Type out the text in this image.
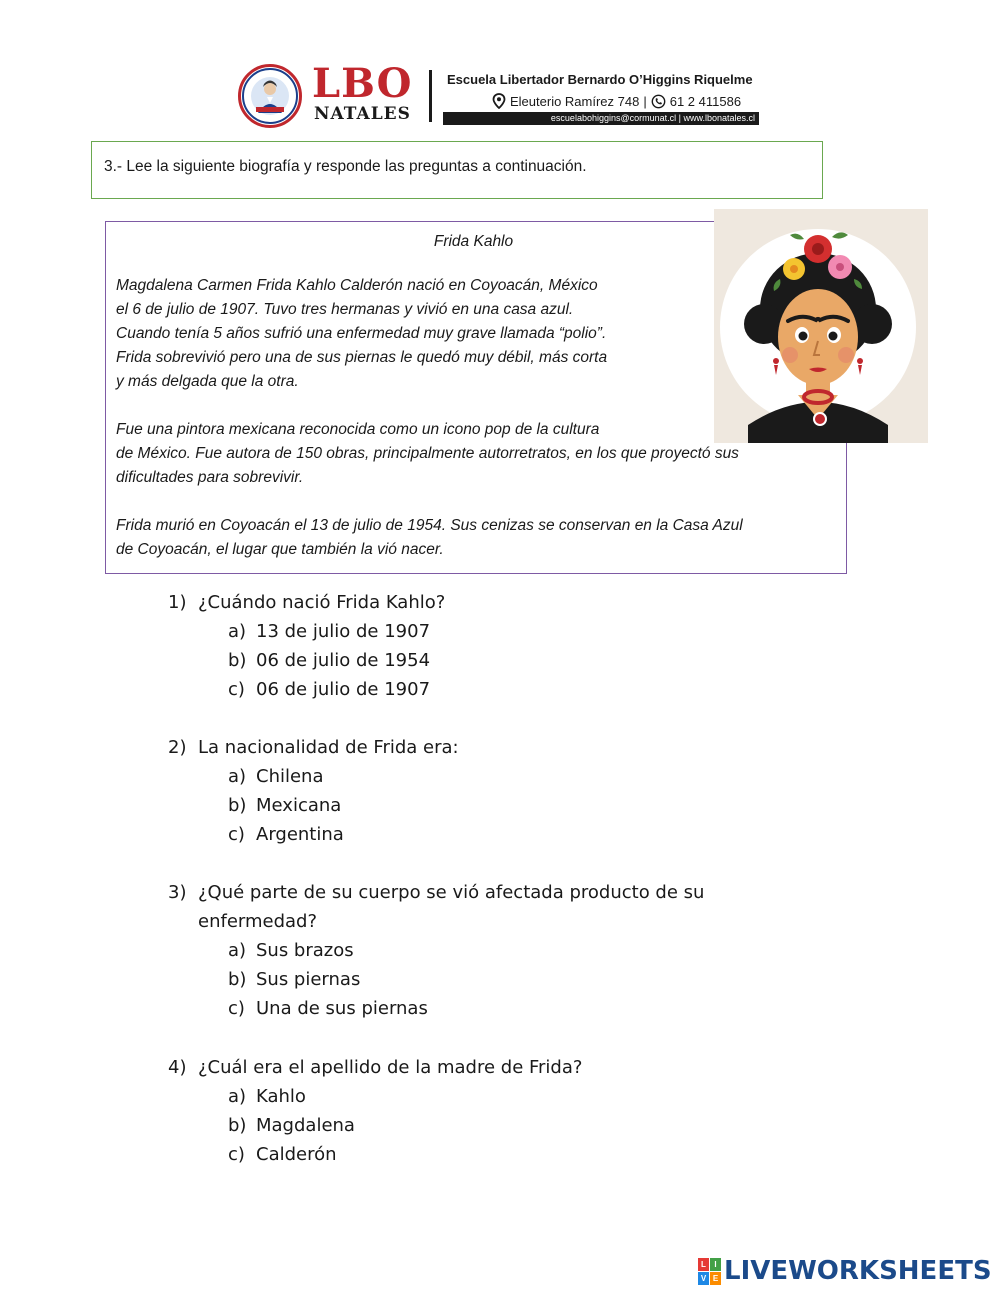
LBO
NATALES
Escuela Libertador Bernardo O’Higgins Riquelme
Eleuterio Ramírez 748 | 61 2 411586
escuelabohiggins@cormunat.cl | www.lbonatales.cl
3.- Lee la siguiente biografía y responde las preguntas a continuación.
Frida Kahlo
Magdalena Carmen Frida Kahlo Calderón nació en Coyoacán, México
el 6 de julio de 1907. Tuvo tres hermanas y vivió en una casa azul.
Cuando tenía 5 años sufrió una enfermedad muy grave llamada “polio”.
Frida sobrevivió pero una de sus piernas le quedó muy débil, más corta
y más delgada que la otra.
Fue una pintora mexicana reconocida como un icono pop de la cultura
de México. Fue autora de 150 obras, principalmente autorretratos, en los que proyectó sus
dificultades para sobrevivir.
Frida murió en Coyoacán el 13 de julio de 1954. Sus cenizas se conservan en la Casa Azul
de Coyoacán, el lugar que también la vió nacer.
1) ¿Cuándo nació Frida Kahlo?
a) 13 de julio de 1907
b) 06 de julio de 1954
c) 06 de julio de 1907
2) La nacionalidad de Frida era:
a) Chilena
b) Mexicana
c) Argentina
3) ¿Qué parte de su cuerpo se vió afectada producto de su
enfermedad?
a) Sus brazos
b) Sus piernas
c) Una de sus piernas
4) ¿Cuál era el apellido de la madre de Frida?
a) Kahlo
b) Magdalena
c) Calderón
L	I
V E LIVEWORKSHEETS
